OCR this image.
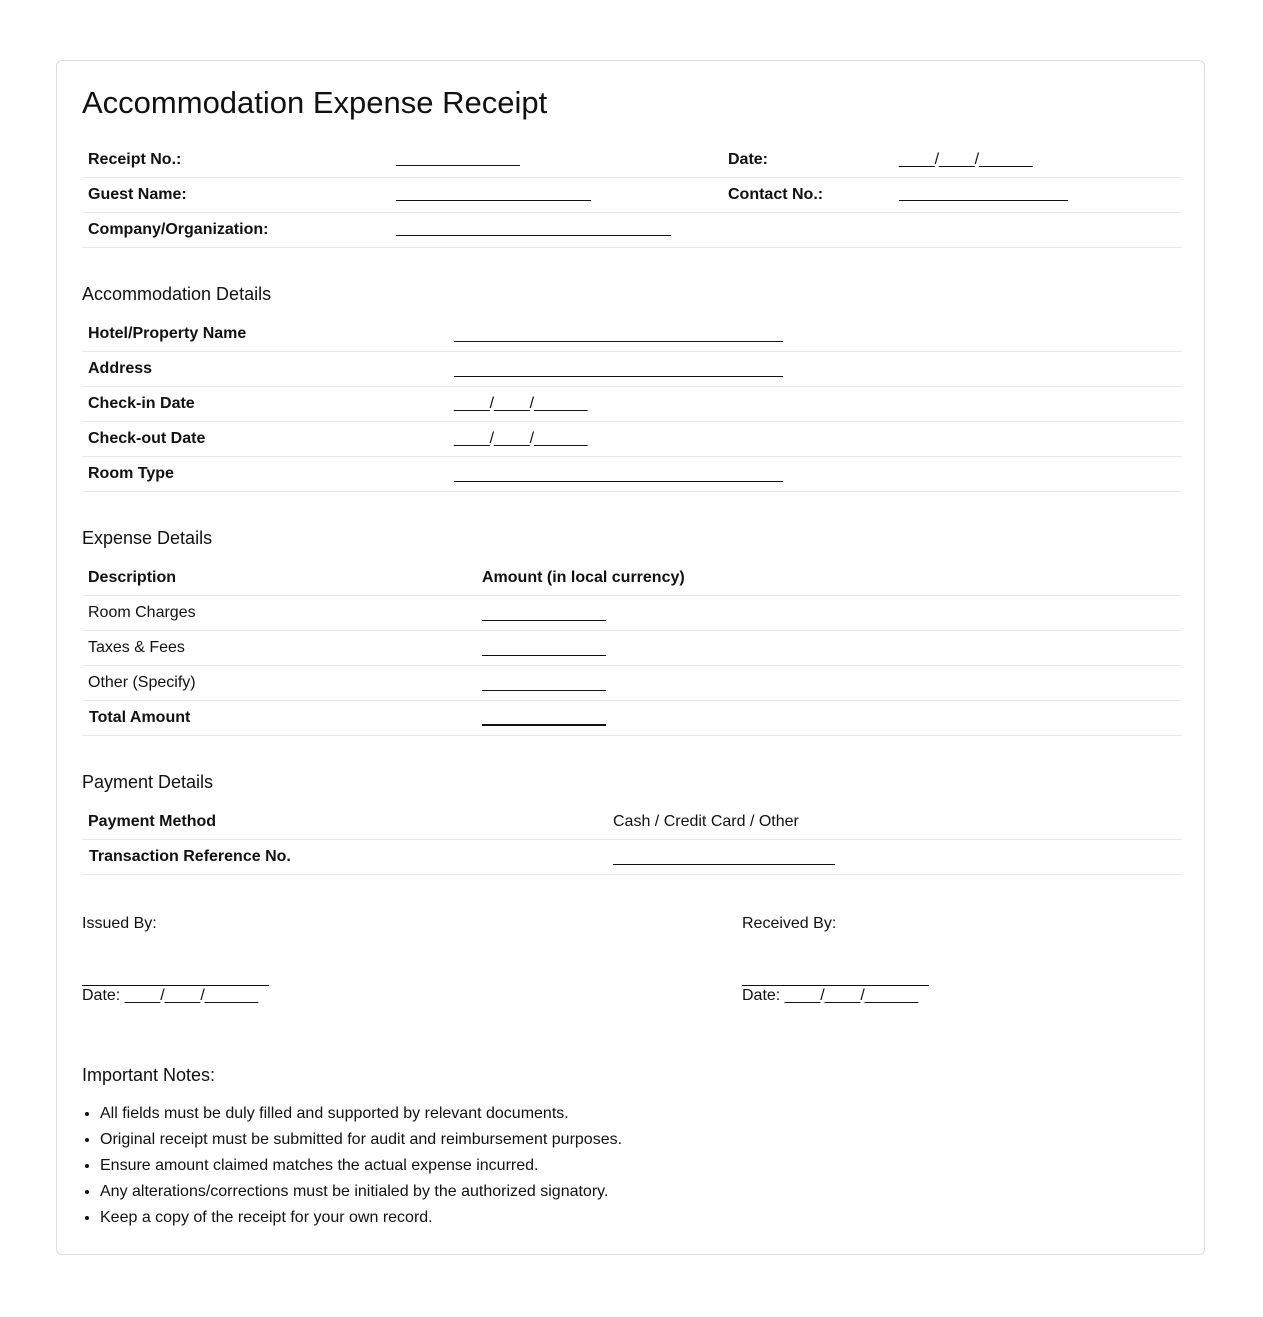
Accommodation Expense Receipt
Receipt No.:	Date:	____/____/______
Guest Name:	Contact No.:
Company/Organization:
Accommodation Details
Hotel/Property Name
Address
Check-in Date	____/____/______
Check-out Date	____/____/______
Room Type
Expense Details
Description	Amount (in local currency)
Room Charges
Taxes & Fees
Other (Specify)
Total Amount
Payment Details
Payment Method	Cash / Credit Card / Other
Transaction Reference No.
Issued By:
Date: ____/____/______
Received By:
Date: ____/____/______
Important Notes:
• All fields must be duly filled and supported by relevant documents.
• Original receipt must be submitted for audit and reimbursement purposes.
• Ensure amount claimed matches the actual expense incurred.
• Any alterations/corrections must be initialed by the authorized signatory.
• Keep a copy of the receipt for your own record.
